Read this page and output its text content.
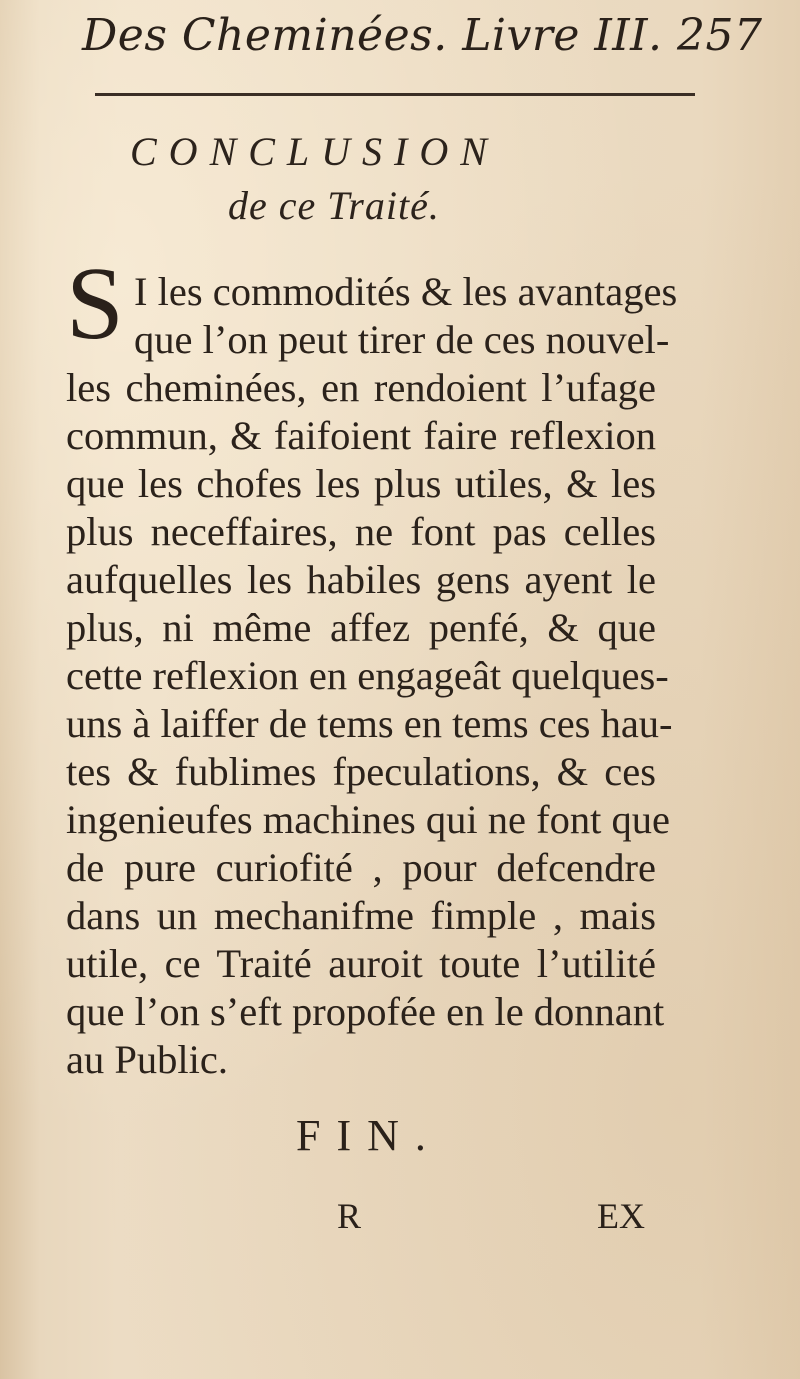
Des Cheminées. Livre III. 257
CONCLUSION
de ce Traité.
S I les commodités & les avantages
que l’on peut tirer de ces nouvel-
les cheminées, en rendoient l’ufage
commun, & faifoient faire reflexion
que les chofes les plus utiles, & les
plus neceffaires, ne font pas celles
aufquelles les habiles gens ayent le
plus, ni même affez penfé, & que
cette reflexion en engageât quelques-
uns à laiffer de tems en tems ces hau-
tes & fublimes fpeculations, & ces
ingenieufes machines qui ne font que
de pure curiofité , pour defcendre
dans un mechanifme fimple , mais
utile, ce Traité auroit toute l’utilité
que l’on s’eft propofée en le donnant
au Public.
FIN.
R	EX
